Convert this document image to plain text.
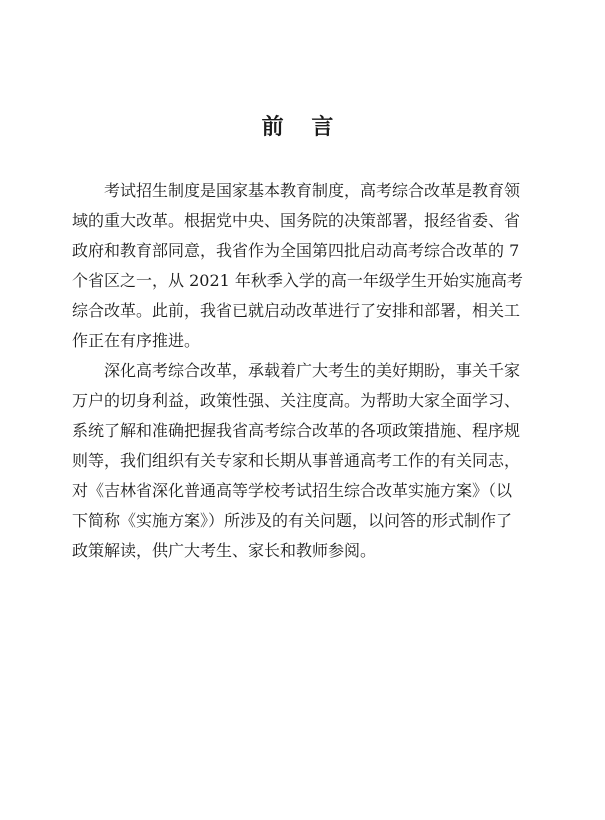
前 言
考试招生制度是国家基本教育制度，高考综合改革是教育领
域的重大改革。根据党中央、国务院的决策部署，报经省委、省
政府和教育部同意，我省作为全国第四批启动高考综合改革的 7
个省区之一，从 2021 年秋季入学的高一年级学生开始实施高考
综合改革。此前，我省已就启动改革进行了安排和部署，相关工
作正在有序推进。
深化高考综合改革，承载着广大考生的美好期盼，事关千家
万户的切身利益，政策性强、关注度高。为帮助大家全面学习、
系统了解和准确把握我省高考综合改革的各项政策措施、程序规
则等，我们组织有关专家和长期从事普通高考工作的有关同志，
对《吉林省深化普通高等学校考试招生综合改革实施方案》（以
下简称《实施方案》）所涉及的有关问题，以问答的形式制作了
政策解读，供广大考生、家长和教师参阅。
